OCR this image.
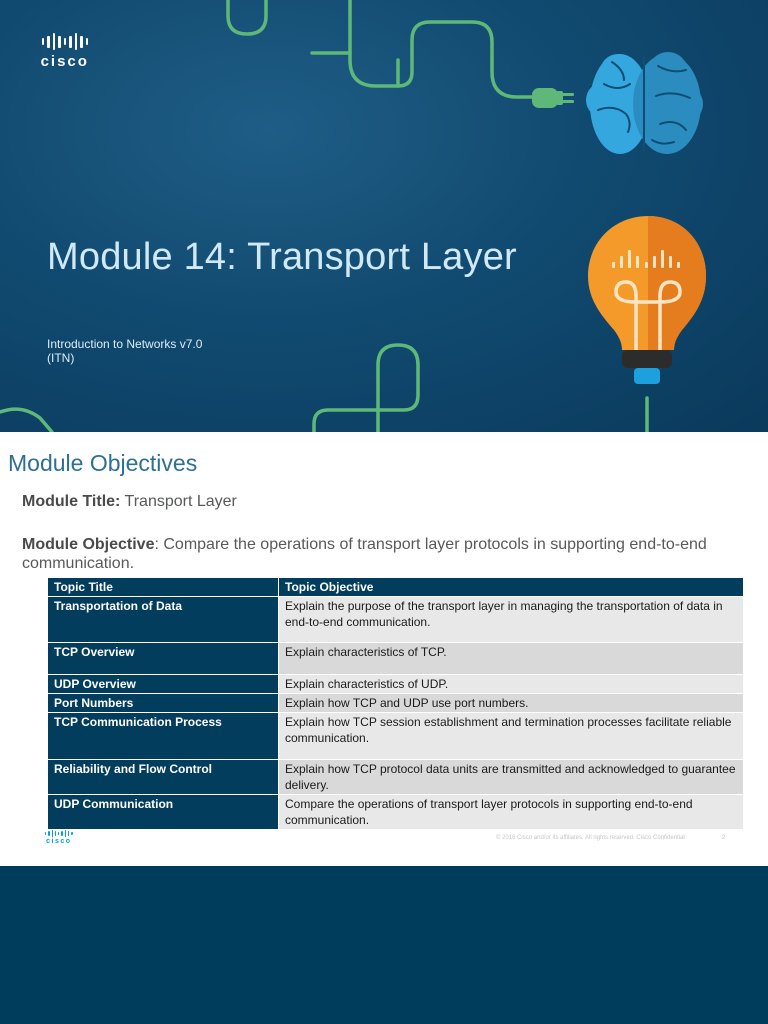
cisco
Module 14: Transport Layer
Introduction to Networks v7.0
(ITN)
Module Objectives
Module Title: Transport Layer
Module Objective: Compare the operations of transport layer protocols in supporting end-to-end communication.
Topic Title	Topic Objective
Transportation of Data	Explain the purpose of the transport layer in managing the transportation of data in end-to-end communication.
TCP Overview	Explain characteristics of TCP.
UDP Overview	Explain characteristics of UDP.
Port Numbers	Explain how TCP and UDP use port numbers.
TCP Communication Process	Explain how TCP session establishment and termination processes facilitate reliable communication.
Reliability and Flow Control	Explain how TCP protocol data units are transmitted and acknowledged to guarantee delivery.
UDP Communication	Compare the operations of transport layer protocols in supporting end-to-end communication.
cisco	© 2016 Cisco and/or its affiliates. All rights reserved. Cisco Confidential	2
